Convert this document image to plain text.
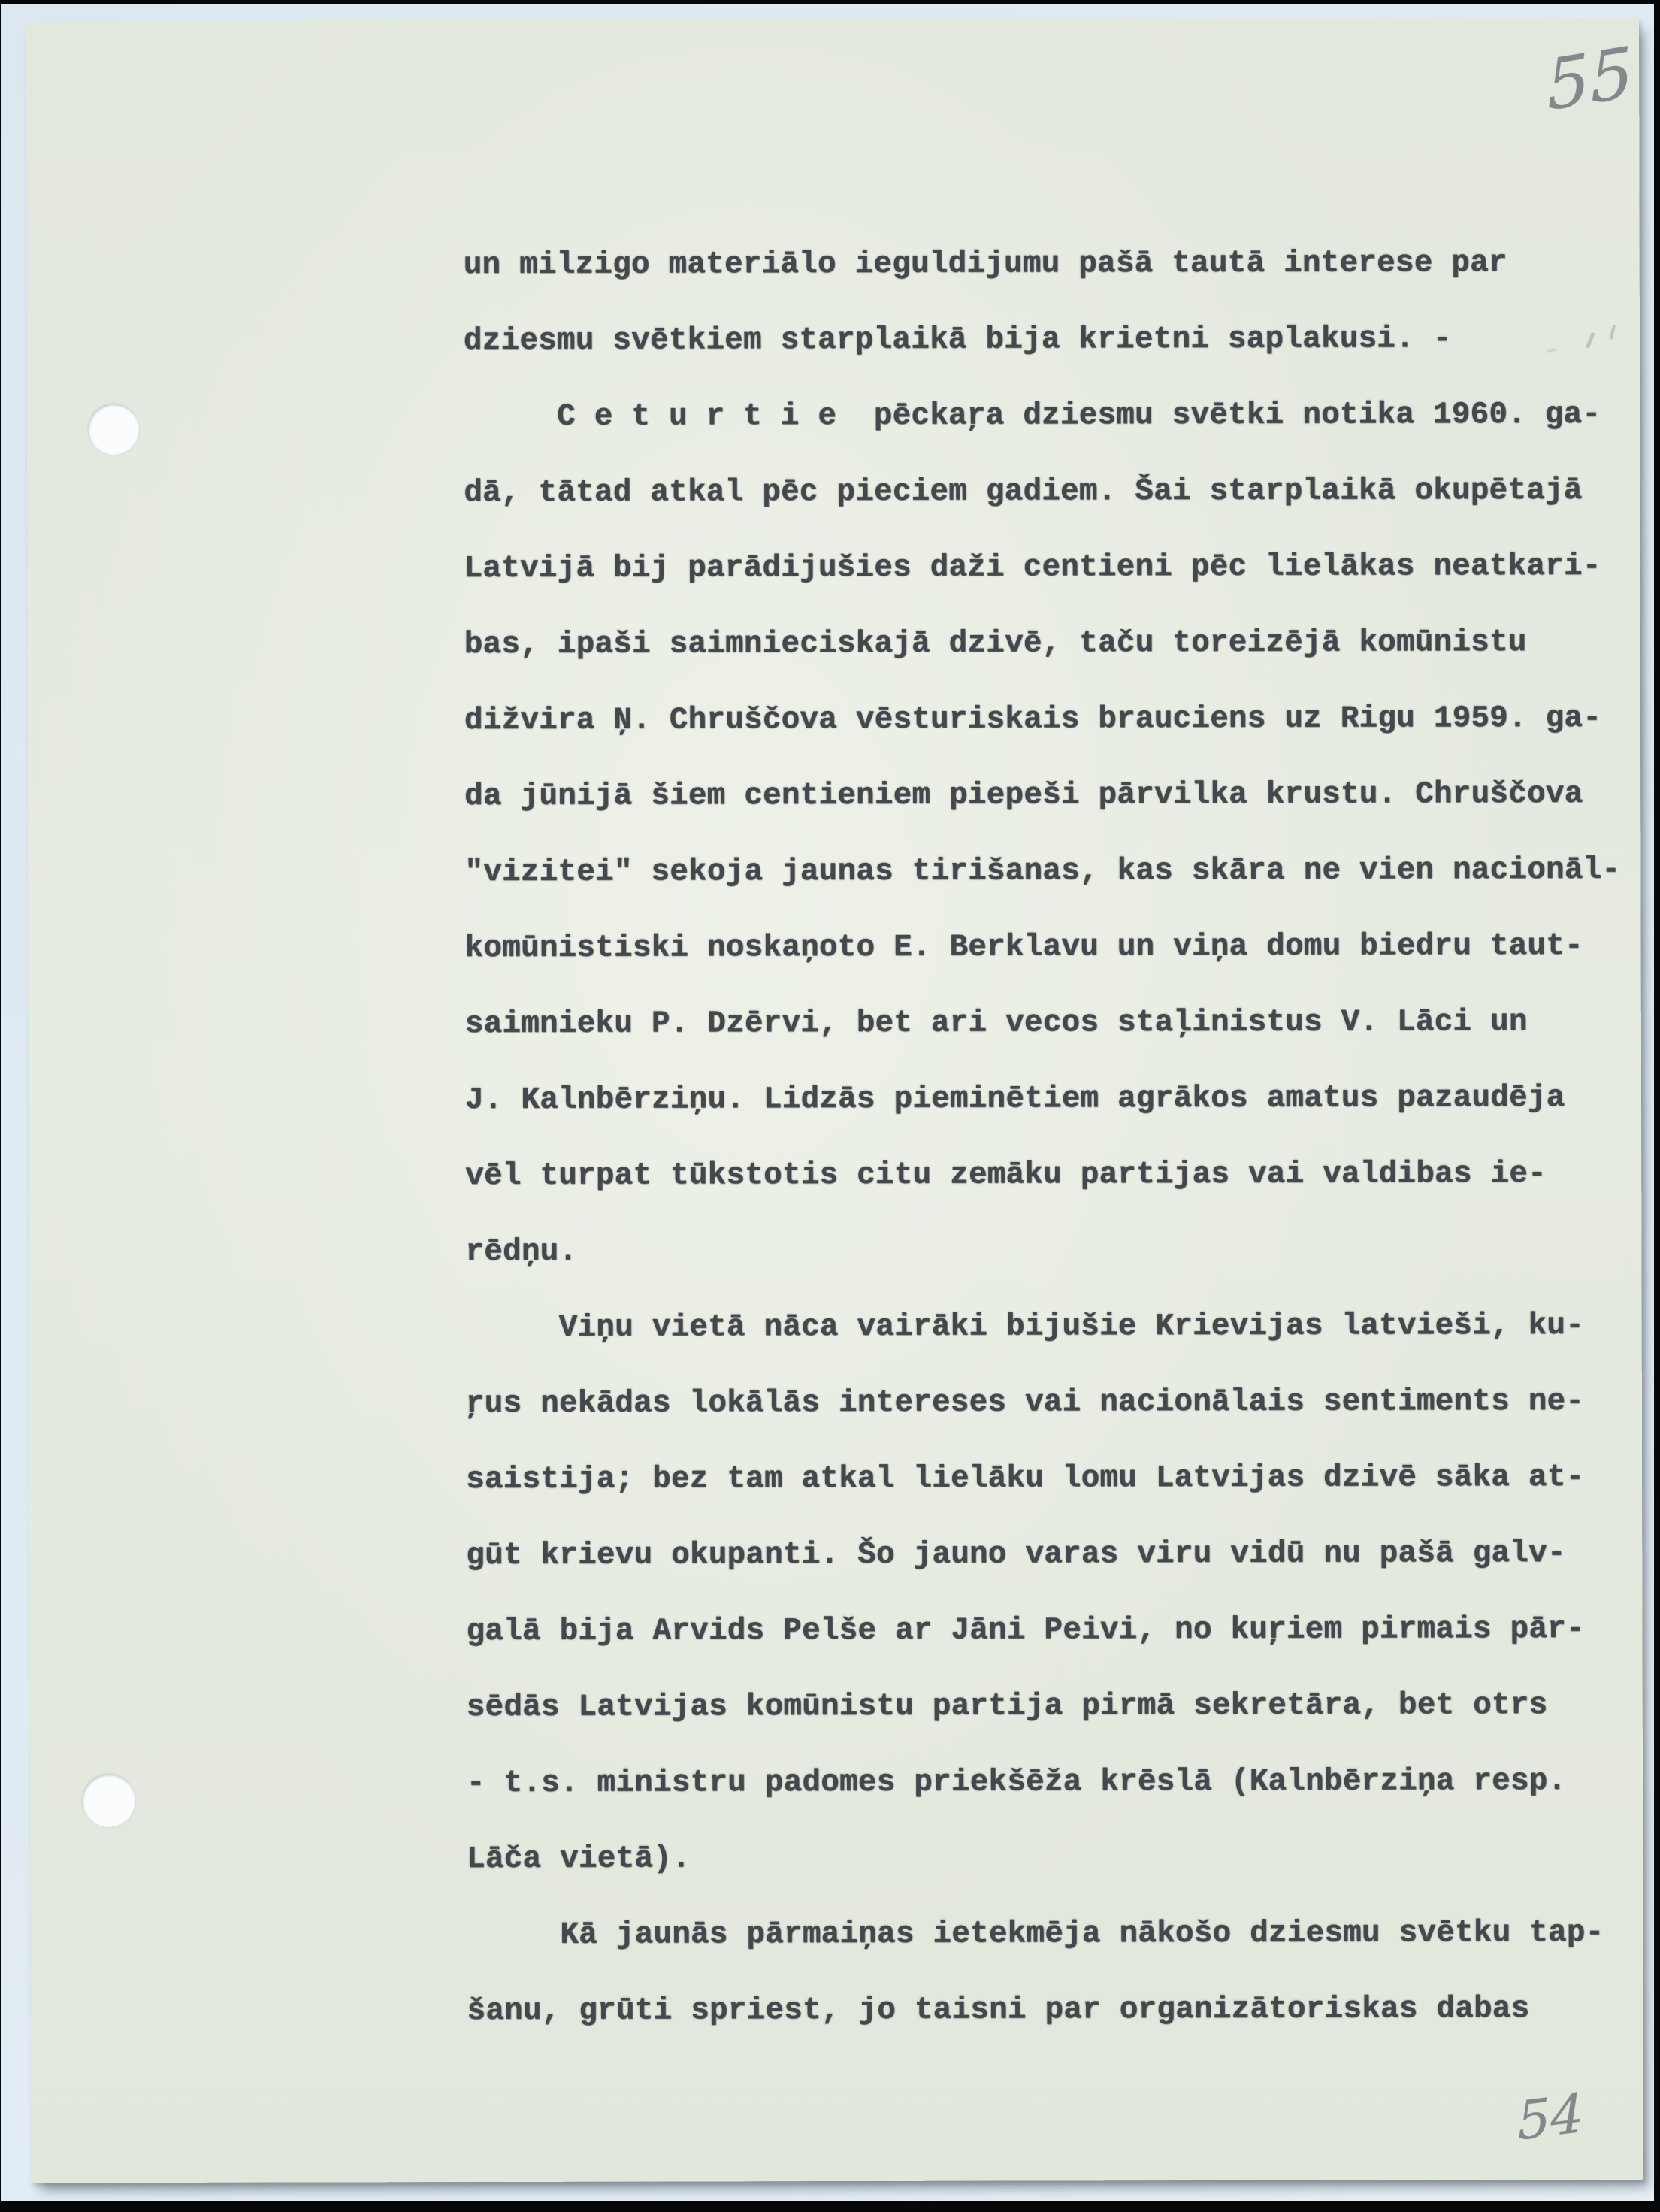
un milzigo materiālo ieguldijumu pašā tautā interese par
dziesmu svētkiem starplaikā bija krietni saplakusi. -
C e t u r t i e  pēckaŗa dziesmu svētki notika 1960. ga-
dā, tātad atkal pēc pieciem gadiem. Šai starplaikā okupētajā
Latvijā bij parādijušies daži centieni pēc lielākas neatkari-
bas, ipaši saimnieciskajā dzivē, taču toreizējā komūnistu
dižvira Ņ. Chruščova vēsturiskais brauciens uz Rigu 1959. ga-
da jūnijā šiem centieniem piepeši pārvilka krustu. Chruščova
"vizitei" sekoja jaunas tirišanas, kas skāra ne vien nacionāl-
komūnistiski noskaņoto E. Berklavu un viņa domu biedru taut-
saimnieku P. Dzērvi, bet ari vecos staļinistus V. Lāci un
J. Kalnbērziņu. Lidzās pieminētiem agrākos amatus pazaudēja
vēl turpat tūkstotis citu zemāku partijas vai valdibas ie-
rēdņu.
Viņu vietā nāca vairāki bijušie Krievijas latvieši, ku-
ŗus nekādas lokālās intereses vai nacionālais sentiments ne-
saistija; bez tam atkal lielāku lomu Latvijas dzivē sāka at-
gūt krievu okupanti. Šo jauno varas viru vidū nu pašā galv-
galā bija Arvids Pelše ar Jāni Peivi, no kuŗiem pirmais pār-
sēdās Latvijas komūnistu partija pirmā sekretāra, bet otrs
- t.s. ministru padomes priekšēža krēslā (Kalnbērziņa resp.
Lāča vietā).
Kā jaunās pārmaiņas ietekmēja nākošo dziesmu svētku tap-
šanu, grūti spriest, jo taisni par organizātoriskas dabas
55
54
